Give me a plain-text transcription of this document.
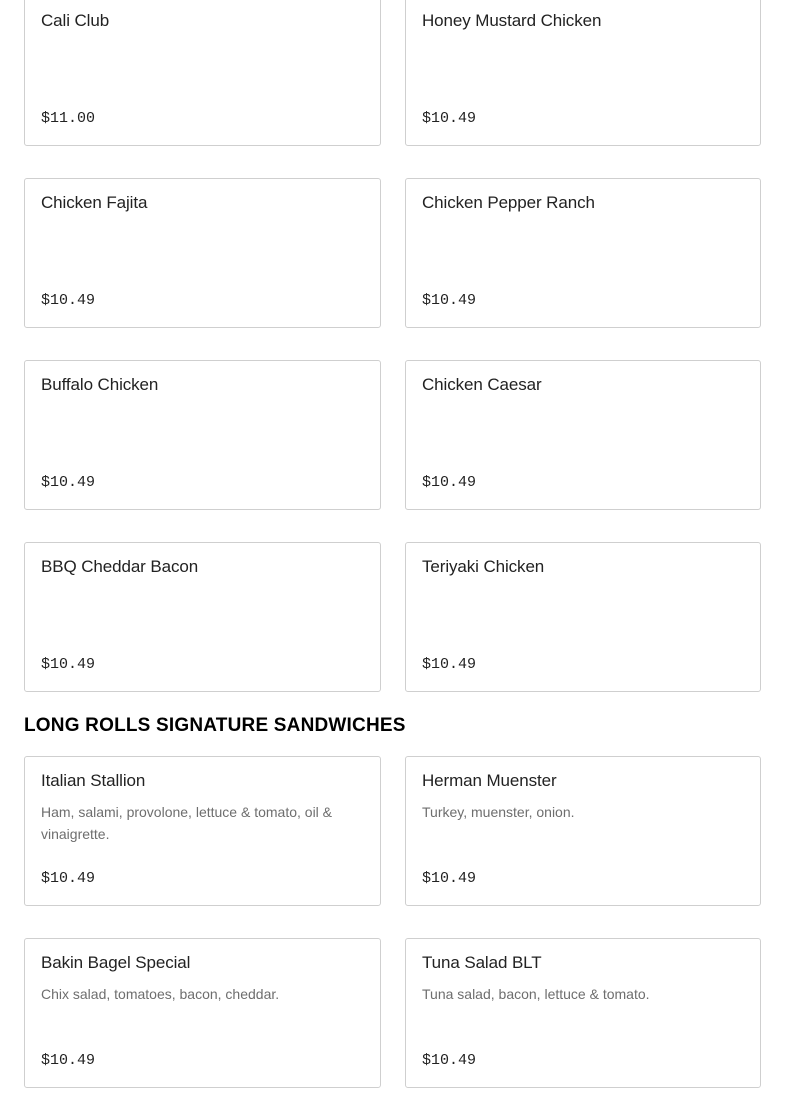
Cali Club
$11.00
Honey Mustard Chicken
$10.49
Chicken Fajita
$10.49
Chicken Pepper Ranch
$10.49
Buffalo Chicken
$10.49
Chicken Caesar
$10.49
BBQ Cheddar Bacon
$10.49
Teriyaki Chicken
$10.49
LONG ROLLS SIGNATURE SANDWICHES
Italian Stallion
Ham, salami, provolone, lettuce & tomato, oil & vinaigrette.
$10.49
Herman Muenster
Turkey, muenster, onion.
$10.49
Bakin Bagel Special
Chix salad, tomatoes, bacon, cheddar.
$10.49
Tuna Salad BLT
Tuna salad, bacon, lettuce & tomato.
$10.49
